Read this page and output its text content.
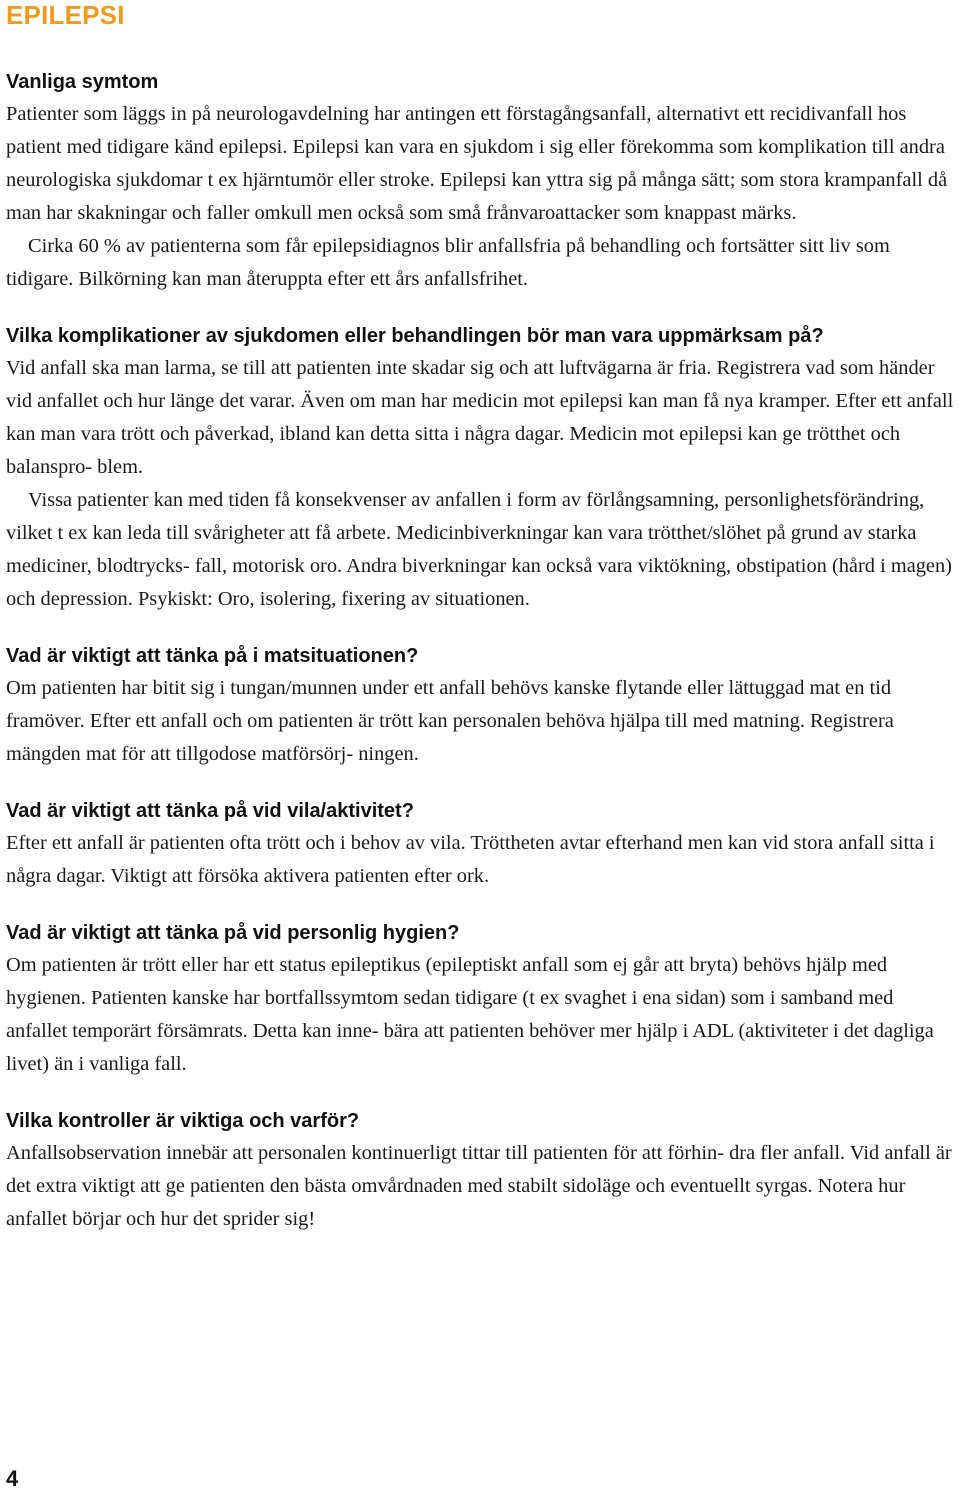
EPILEPSI
Vanliga symtom

Patienter som läggs in på neurologavdelning har antingen ett förstagångsanfall, alternativt ett recidivanfall hos patient med tidigare känd epilepsi. Epilepsi kan vara en sjukdom i sig eller förekomma som komplikation till andra neurologiska sjukdomar t ex hjärntumör eller stroke. Epilepsi kan yttra sig på många sätt; som stora krampanfall då man har skakningar och faller omkull men också som små frånvaroattacker som knappast märks.

Cirka 60 % av patienterna som får epilepsidiagnos blir anfallsfria på behandling och fortsätter sitt liv som tidigare. Bilkörning kan man återuppta efter ett års anfallsfrihet.

Vilka komplikationer av sjukdomen eller behandlingen bör man vara uppmärksam på?

Vid anfall ska man larma, se till att patienten inte skadar sig och att luftvägarna är fria. Registrera vad som händer vid anfallet och hur länge det varar. Även om man har medicin mot epilepsi kan man få nya kramper. Efter ett anfall kan man vara trött och påverkad, ibland kan detta sitta i några dagar. Medicin mot epilepsi kan ge trötthet och balanspro- blem.

Vissa patienter kan med tiden få konsekvenser av anfallen i form av förlångsamning, personlighetsförändring, vilket t ex kan leda till svårigheter att få arbete. Medicinbiverkningar kan vara trötthet/slöhet på grund av starka mediciner, blodtrycks- fall, motorisk oro. Andra biverkningar kan också vara viktökning, obstipation (hård i magen) och depression. Psykiskt: Oro, isolering, fixering av situationen.

Vad är viktigt att tänka på i matsituationen?

Om patienten har bitit sig i tungan/munnen under ett anfall behövs kanske flytande eller lättuggad mat en tid framöver. Efter ett anfall och om patienten är trött kan personalen behöva hjälpa till med matning. Registrera mängden mat för att tillgodose matförsörj- ningen.

Vad är viktigt att tänka på vid vila/aktivitet?

Efter ett anfall är patienten ofta trött och i behov av vila. Tröttheten avtar efterhand men kan vid stora anfall sitta i några dagar. Viktigt att försöka aktivera patienten efter ork.

Vad är viktigt att tänka på vid personlig hygien?

Om patienten är trött eller har ett status epileptikus (epileptiskt anfall som ej går att bryta) behövs hjälp med hygienen. Patienten kanske har bortfallssymtom sedan tidigare (t ex svaghet i ena sidan) som i samband med anfallet temporärt försämrats. Detta kan inne- bära att patienten behöver mer hjälp i ADL (aktiviteter i det dagliga livet) än i vanliga fall.

Vilka kontroller är viktiga och varför?

Anfallsobservation innebär att personalen kontinuerligt tittar till patienten för att förhin- dra fler anfall. Vid anfall är det extra viktigt att ge patienten den bästa omvårdnaden med stabilt sidoläge och eventuellt syrgas. Notera hur anfallet börjar och hur det sprider sig!

4
